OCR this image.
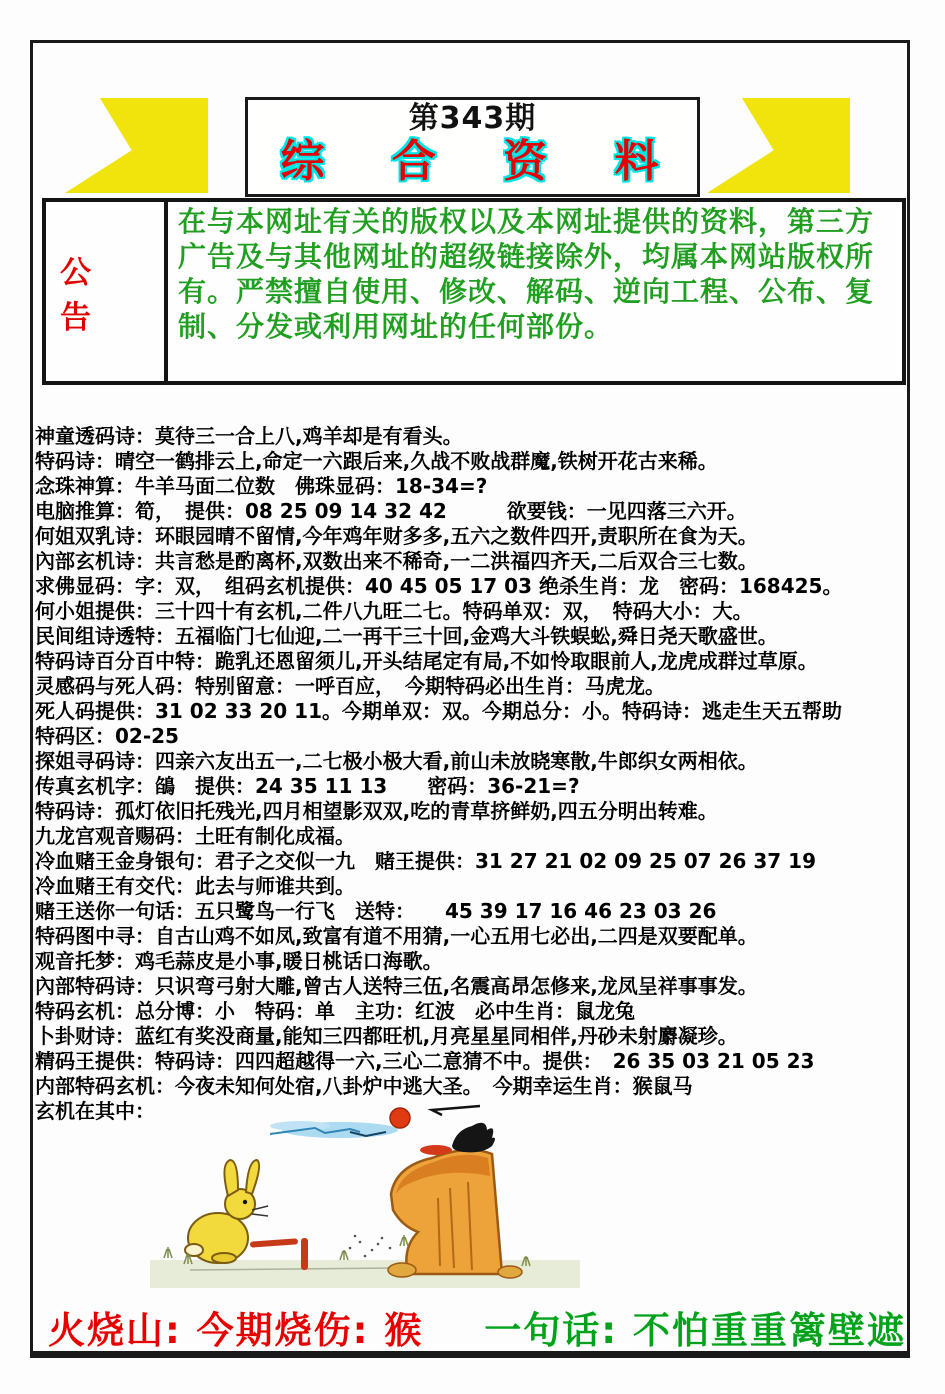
第343期
综 合 资 料
公 告
在与本网址有关的版权以及本网址提供的资料，第三方广告及与其他网址的超级链接除外，均属本网站版权所有。严禁擅自使用、修改、解码、逆向工程、公布、复制、分发或利用网址的任何部份。
神童透码诗：莫待三一合上八,鸡羊却是有看头。
特码诗：晴空一鹤排云上,命定一六跟后来,久战不败战群魔,铁树开花古来稀。
念珠神算：牛羊马面二位数　佛珠显码：18-34=?
电脑推算：筍，　提供：08 25 09 14 32 42　　　欲要钱：一见四落三六开。
何姐双乳诗：环眼园晴不留情,今年鸡年财多多,五六之数件四开,责职所在食为天。
內部玄机诗：共言愁是酌离杯,双数出来不稀奇,一二洪福四齐天,二后双合三七数。
求佛显码：字：双，　组码玄机提供：40 45 05 17 03 绝杀生肖：龙　密码：168425。
何小姐提供：三十四十有玄机,二件八九旺二七。特码单双：双，　特码大小：大。
民间组诗透特：五福临门七仙迎,二一再干三十回,金鸡大斗铁蜈蚣,舜日尧天歌盛世。
特码诗百分百中特：跪乳还恩留须儿,开头结尾定有局,不如怜取眼前人,龙虎成群过草原。
灵感码与死人码：特别留意：一呼百应，　今期特码必出生肖：马虎龙。
死人码提供：31 02 33 20 11。今期单双：双。今期总分：小。特码诗：逃走生天五帮助
特码区：02-25
探姐寻码诗：四亲六友出五一,二七极小极大看,前山未放晓寒散,牛郎织女两相依。
传真玄机字：鵮　提供：24 35 11 13　　密码：36-21=?
特码诗：孤灯依旧托残光,四月相望影双双,吃的青草挤鲜奶,四五分明出转难。
九龙宫观音赐码：土旺有制化成福。
冷血赌王金身银句：君子之交似一九　赌王提供：31 27 21 02 09 25 07 26 37 19
冷血赌王有交代：此去与师谁共到。
赌王送你一句话：五只鹭鸟一行飞　送特：　　45 39 17 16 46 23 03 26
特码图中寻：自古山鸡不如凤,致富有道不用猜,一心五用七必出,二四是双要配单。
观音托梦：鸡毛蒜皮是小事,暖日桃话口海歌。
內部特码诗：只识弯弓射大雕,曾古人送特三伍,名震高昂怎修来,龙凤呈祥事事发。
特码玄机：总分博：小　特码：单　主功：红波　必中生肖：鼠龙兔
卜卦财诗：蓝红有奖没商量,能知三四都旺机,月亮星星同相伴,丹砂未射麝凝珍。
精码王提供：特码诗：四四超越得一六,三心二意猜不中。提供：　26 35 03 21 05 23
内部特码玄机：今夜未知何处宿,八卦炉中逃大圣。　今期幸运生肖：猴鼠马
玄机在其中：
火烧山: 今期烧伤: 猴 一句话: 不怕重重篱壁遮
